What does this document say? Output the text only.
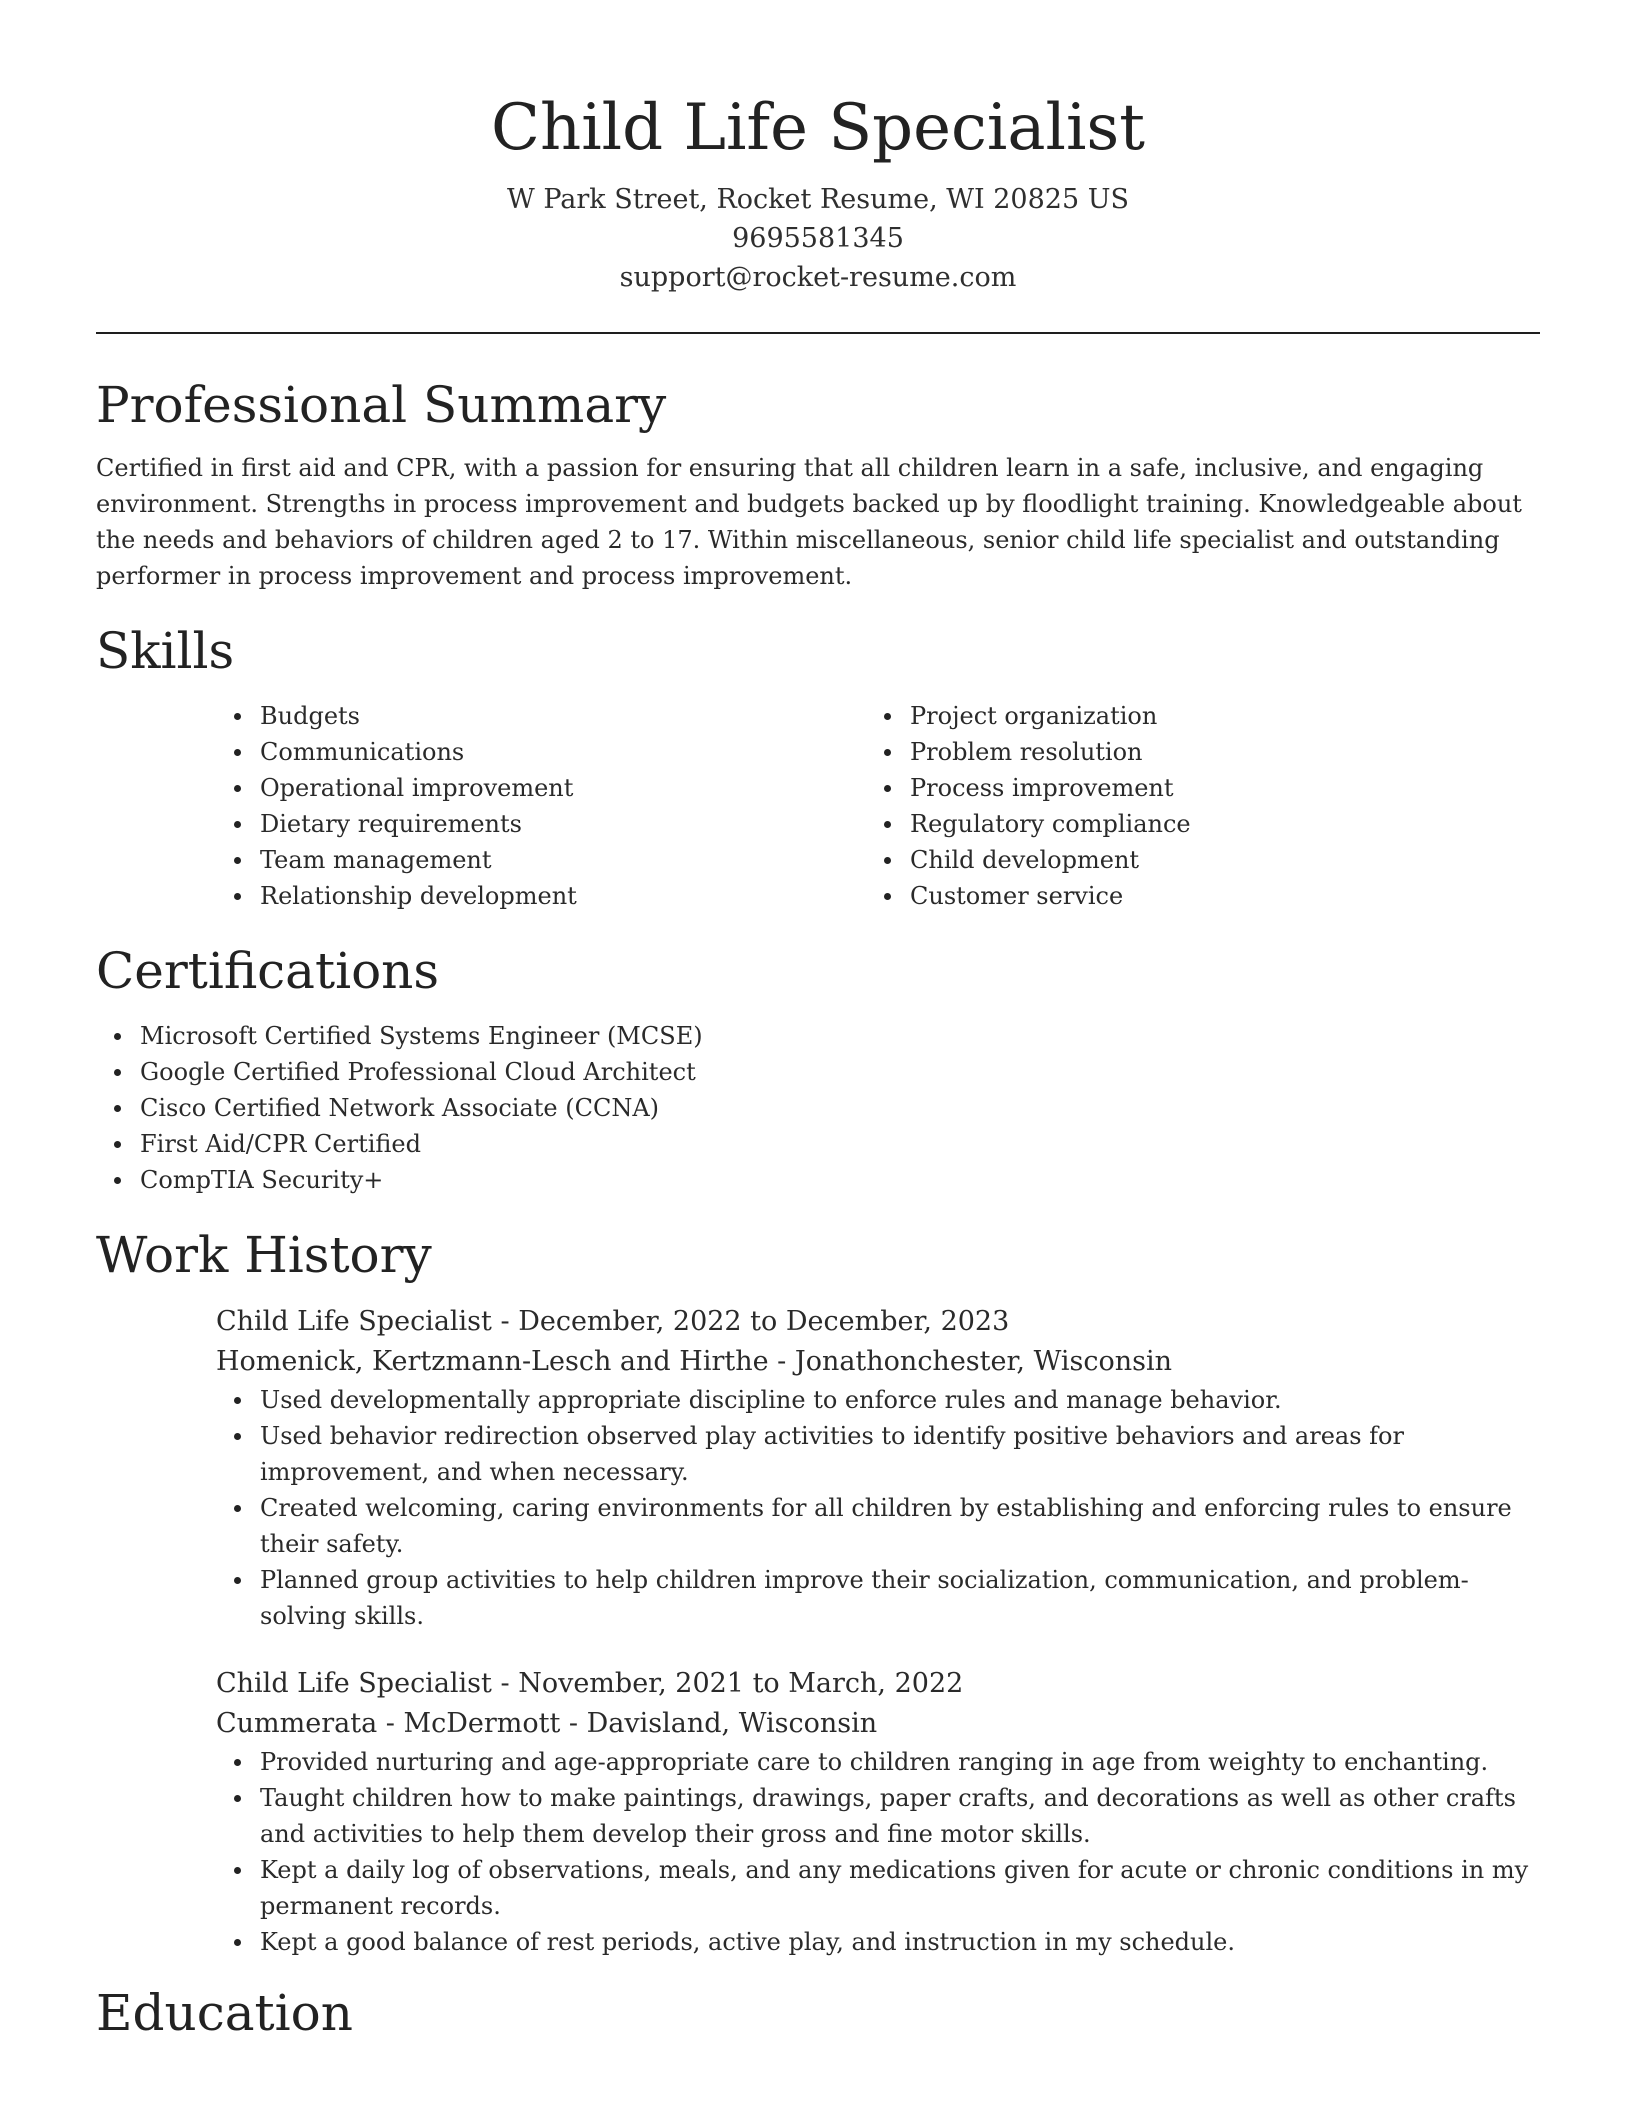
Child Life Specialist
W Park Street, Rocket Resume, WI 20825 US
9695581345
support@rocket-resume.com
Professional Summary

Certified in first aid and CPR, with a passion for ensuring that all children learn in a safe, inclusive, and engaging environment. Strengths in process improvement and budgets backed up by floodlight training. Knowledgeable about the needs and behaviors of children aged 2 to 17. Within miscellaneous, senior child life specialist and outstanding performer in process improvement and process improvement.

Skills
Budgets
Communications
Operational improvement
Dietary requirements
Team management
Relationship development
Project organization
Problem resolution
Process improvement
Regulatory compliance
Child development
Customer service
Certifications
Microsoft Certified Systems Engineer (MCSE)
Google Certified Professional Cloud Architect
Cisco Certified Network Associate (CCNA)
First Aid/CPR Certified
CompTIA Security+
Work History
Child Life Specialist - December, 2022 to December, 2023
Homenick, Kertzmann-Lesch and Hirthe - Jonathonchester, Wisconsin
Used developmentally appropriate discipline to enforce rules and manage behavior.
Used behavior redirection observed play activities to identify positive behaviors and areas for improvement, and when necessary.
Created welcoming, caring environments for all children by establishing and enforcing rules to ensure their safety.
Planned group activities to help children improve their socialization, communication, and problem-solving skills.
Child Life Specialist - November, 2021 to March, 2022
Cummerata - McDermott - Davisland, Wisconsin
Provided nurturing and age-appropriate care to children ranging in age from weighty to enchanting.
Taught children how to make paintings, drawings, paper crafts, and decorations as well as other crafts and activities to help them develop their gross and fine motor skills.
Kept a daily log of observations, meals, and any medications given for acute or chronic conditions in my permanent records.
Kept a good balance of rest periods, active play, and instruction in my schedule.
Education
